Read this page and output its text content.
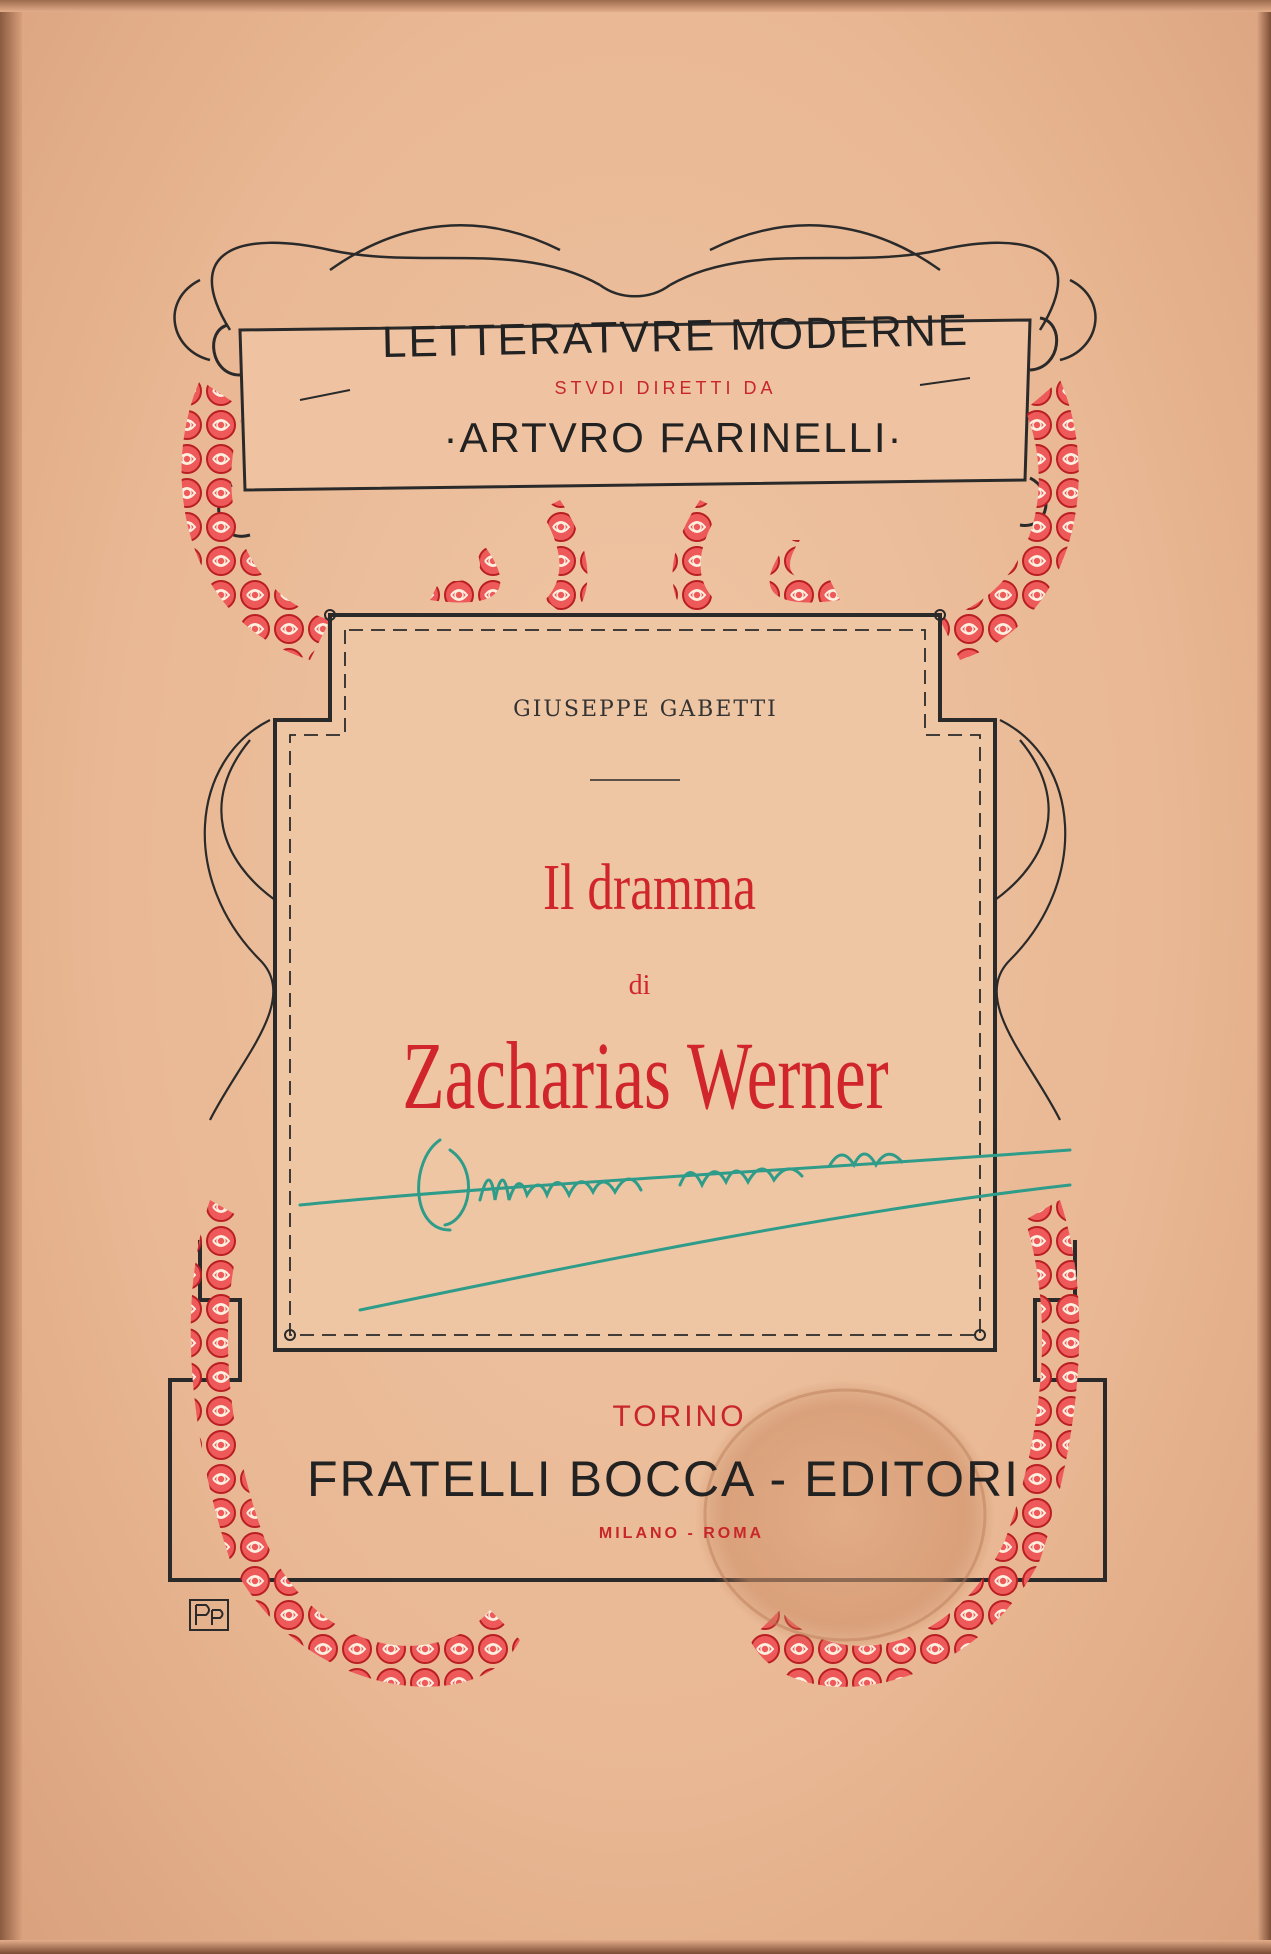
LETTERATVRE MODERNE
STVDI DIRETTI DA
·ARTVRO FARINELLI·
GIUSEPPE GABETTI
Il dramma
di
Zacharias Werner
TORINO
FRATELLI BOCCA - EDITORI
MILANO - ROMA
